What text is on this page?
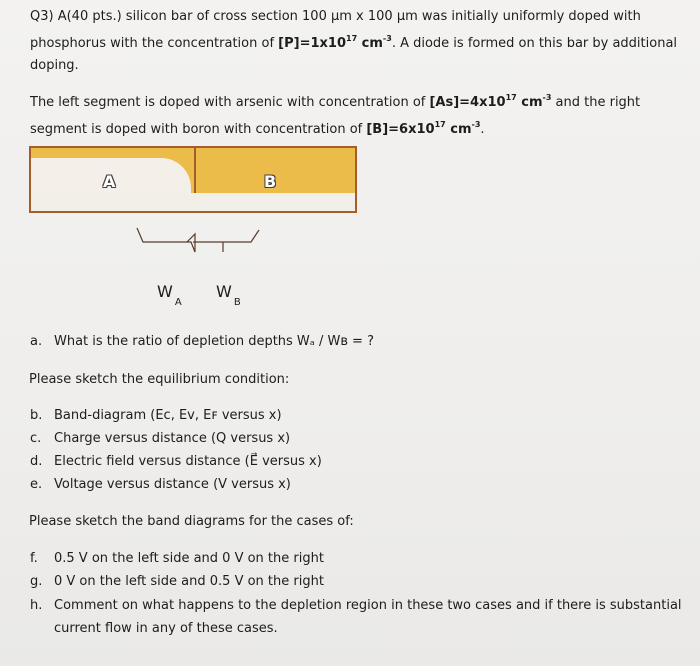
Q3) A(40 pts.) silicon bar of cross section 100 μm x 100 μm was initially uniformly doped with
phosphorus with the concentration of $[P]=1x10^{17}$ $cm^{-3}$. A diode is formed on this bar by additional
doping.
The left segment is doped with arsenic with concentration of $[As]=4x10^{17}$ $cm^{-3}$ and the right
segment is doped with boron with concentration of $[B]=6x10^{17}$ $cm^{-3}$.
A	B
$W_A$
$W_B$
a. What is the ratio of depletion depths Wₐ / Wʙ = ?
Please sketch the equilibrium condition:
b. Band-diagram (Eᴄ, Eᴠ, Eꜰ versus x)
c. Charge versus distance (Q versus x)
d. Electric field versus distance (E⃗ versus x)
e. Voltage versus distance (V versus x)
Please sketch the band diagrams for the cases of:
f. 0.5 V on the left side and 0 V on the right
g. 0 V on the left side and 0.5 V on the right
h. Comment on what happens to the depletion region in these two cases and if there is substantial
current flow in any of these cases.
